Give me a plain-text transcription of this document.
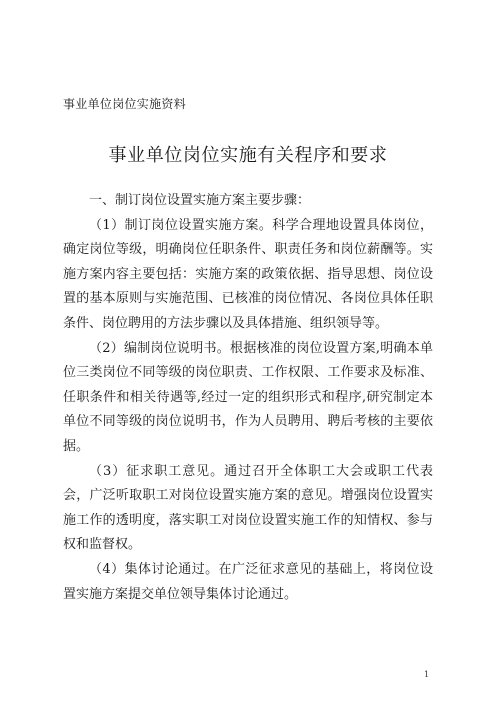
事业单位岗位实施资料
事业单位岗位实施有关程序和要求

一、制订岗位设置实施方案主要步骤：

（1）制订岗位设置实施方案。科学合理地设置具体岗位，确定岗位等级，明确岗位任职条件、职责任务和岗位薪酬等。实施方案内容主要包括：实施方案的政策依据、指导思想、岗位设置的基本原则与实施范围、已核准的岗位情况、各岗位具体任职条件、岗位聘用的方法步骤以及具体措施、组织领导等。

（2）编制岗位说明书。根据核准的岗位设置方案,明确本单位三类岗位不同等级的岗位职责、工作权限、工作要求及标准、任职条件和相关待遇等,经过一定的组织形式和程序,研究制定本单位不同等级的岗位说明书，作为人员聘用、聘后考核的主要依据。

（3）征求职工意见。通过召开全体职工大会或职工代表会，广泛听取职工对岗位设置实施方案的意见。增强岗位设置实施工作的透明度，落实职工对岗位设置实施工作的知情权、参与权和监督权。

（4）集体讨论通过。在广泛征求意见的基础上，将岗位设置实施方案提交单位领导集体讨论通过。

1
